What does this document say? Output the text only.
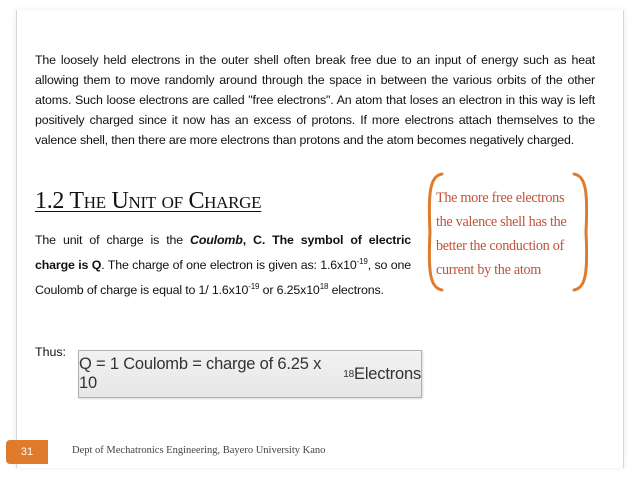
The loosely held electrons in the outer shell often break free due to an input of energy such as heat allowing them to move randomly around through the space in between the various orbits of the other atoms. Such loose electrons are called "free electrons". An atom that loses an electron in this way is left positively charged since it now has an excess of protons. If more electrons attach themselves to the valence shell, then there are more electrons than protons and the atom becomes negatively charged.
1.2 The Unit of Charge
The unit of charge is the Coulomb, C. The symbol of electric charge is Q. The charge of one electron is given as: $1.6x10^{-19}$, so one Coulomb of charge is equal to 1/ $1.6x10^{-19}$ or $6.25x10^{18}$ electrons.
Thus:
Q = 1 Coulomb = charge of 6.25 x 10	18 Electrons
The more free electrons the valence shell has the better the conduction of current by the atom
31	Dept of Mechatronics Engineering, Bayero University Kano
